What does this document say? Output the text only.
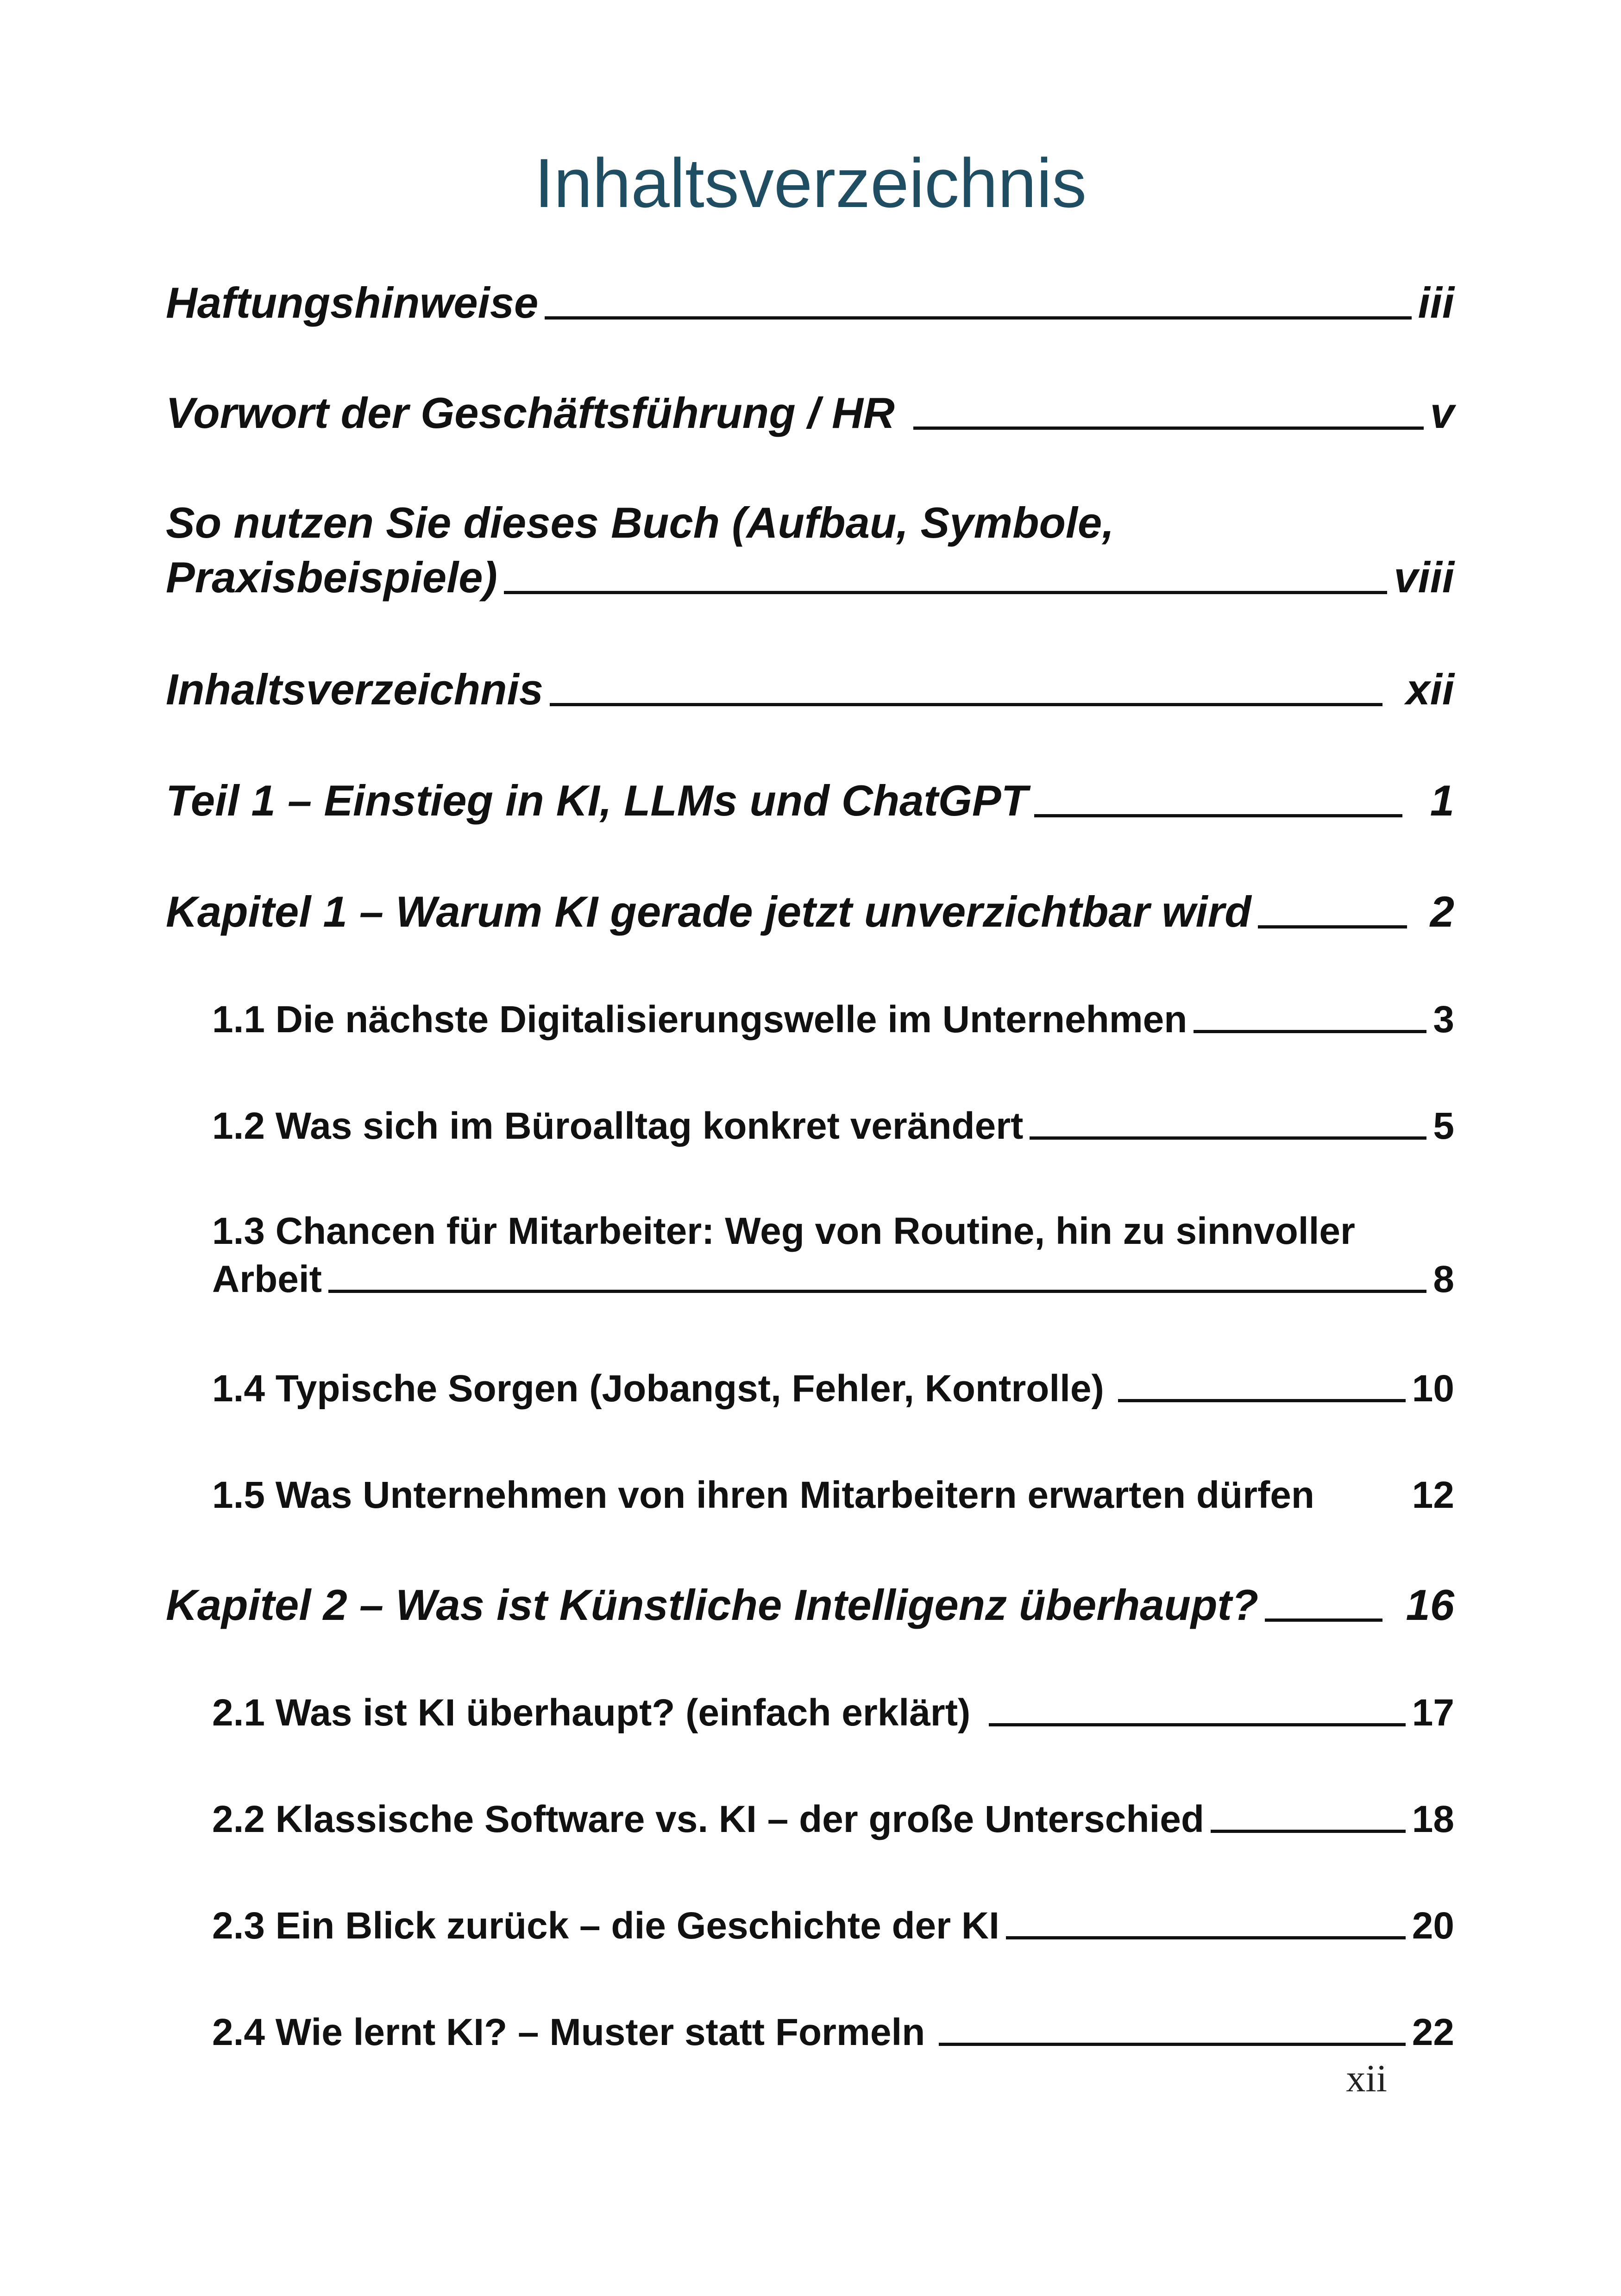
Inhaltsverzeichnis
Haftungshinweise	iii
Vorwort der Geschäftsführung / HR	v
So nutzen Sie dieses Buch (Aufbau, Symbole,
Praxisbeispiele)	viii
Inhaltsverzeichnis	xii
Teil 1 – Einstieg in KI, LLMs und ChatGPT	1
Kapitel 1 – Warum KI gerade jetzt unverzichtbar wird	2
1.1 Die nächste Digitalisierungswelle im Unternehmen	3
1.2 Was sich im Büroalltag konkret verändert	5
1.3 Chancen für Mitarbeiter: Weg von Routine, hin zu sinnvoller
Arbeit	8
1.4 Typische Sorgen (Jobangst, Fehler, Kontrolle)	10
1.5 Was Unternehmen von ihren Mitarbeitern erwarten dürfen	12
Kapitel 2 – Was ist Künstliche Intelligenz überhaupt?	16
2.1 Was ist KI überhaupt? (einfach erklärt)	17
2.2 Klassische Software vs. KI – der große Unterschied	18
2.3 Ein Blick zurück – die Geschichte der KI	20
2.4 Wie lernt KI? – Muster statt Formeln	22
xii
